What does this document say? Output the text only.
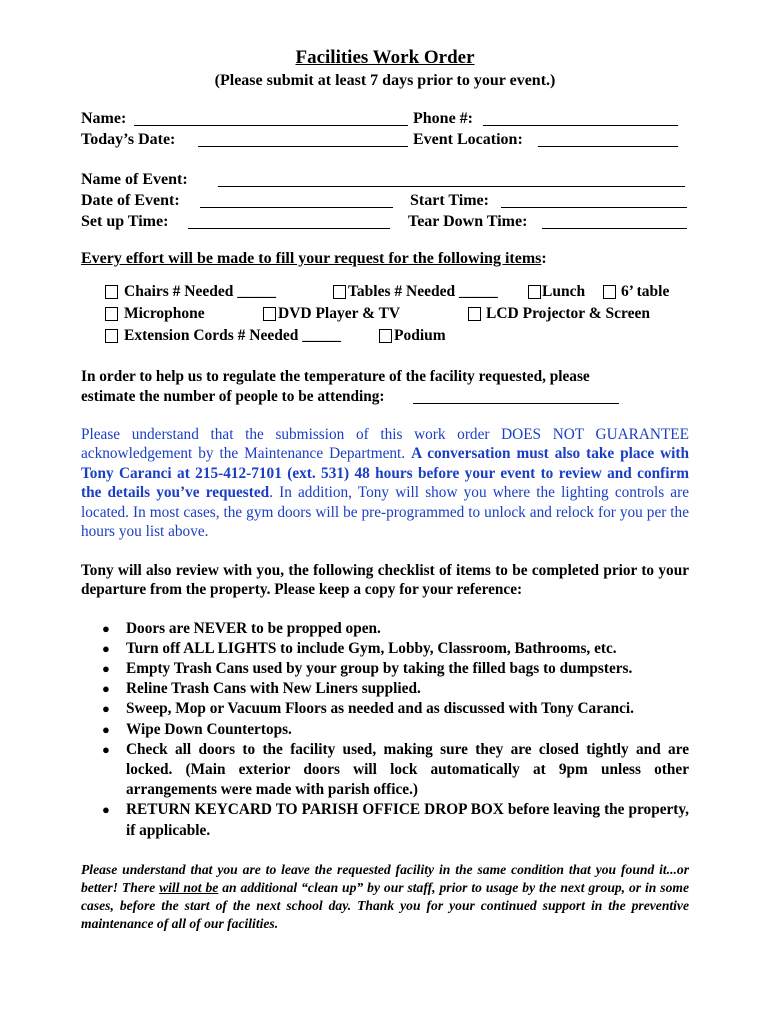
Facilities Work Order

(Please submit at least 7 days prior to your event.)

Name:	Phone #:
Today’s Date:	Event Location:
Name of Event:
Date of Event:	Start Time:
Set up Time:	Tear Down Time:
Every effort will be made to fill your request for the following items:
Chairs # Needed _____	Tables # Needed _____	Lunch 6’ table
Microphone	DVD Player & TV	LCD Projector & Screen
Extension Cords # Needed _____	Podium

In order to help us to regulate the temperature of the facility requested, please

estimate the number of people to be attending:

Please understand that the submission of this work order DOES NOT GUARANTEE acknowledgement by the Maintenance Department. A conversation must also take place with Tony Caranci at 215-412-7101 (ext. 531) 48 hours before your event to review and confirm the details you’ve requested. In addition, Tony will show you where the lighting controls are located. In most cases, the gym doors will be pre-programmed to unlock and relock for you per the hours you list above.

Tony will also review with you, the following checklist of items to be completed prior to your departure from the property. Please keep a copy for your reference:

● Doors are NEVER to be propped open.
● Turn off ALL LIGHTS to include Gym, Lobby, Classroom, Bathrooms, etc.
● Empty Trash Cans used by your group by taking the filled bags to dumpsters.
● Reline Trash Cans with New Liners supplied.
● Sweep, Mop or Vacuum Floors as needed and as discussed with Tony Caranci.
● Wipe Down Countertops.
● Check all doors to the facility used, making sure they are closed tightly and are locked. (Main exterior doors will lock automatically at 9pm unless other arrangements were made with parish office.)
● RETURN KEYCARD TO PARISH OFFICE DROP BOX before leaving the property, if applicable.

Please understand that you are to leave the requested facility in the same condition that you found it...or better! There will not be an additional “clean up” by our staff, prior to usage by the next group, or in some cases, before the start of the next school day. Thank you for your continued support in the preventive maintenance of all of our facilities.
